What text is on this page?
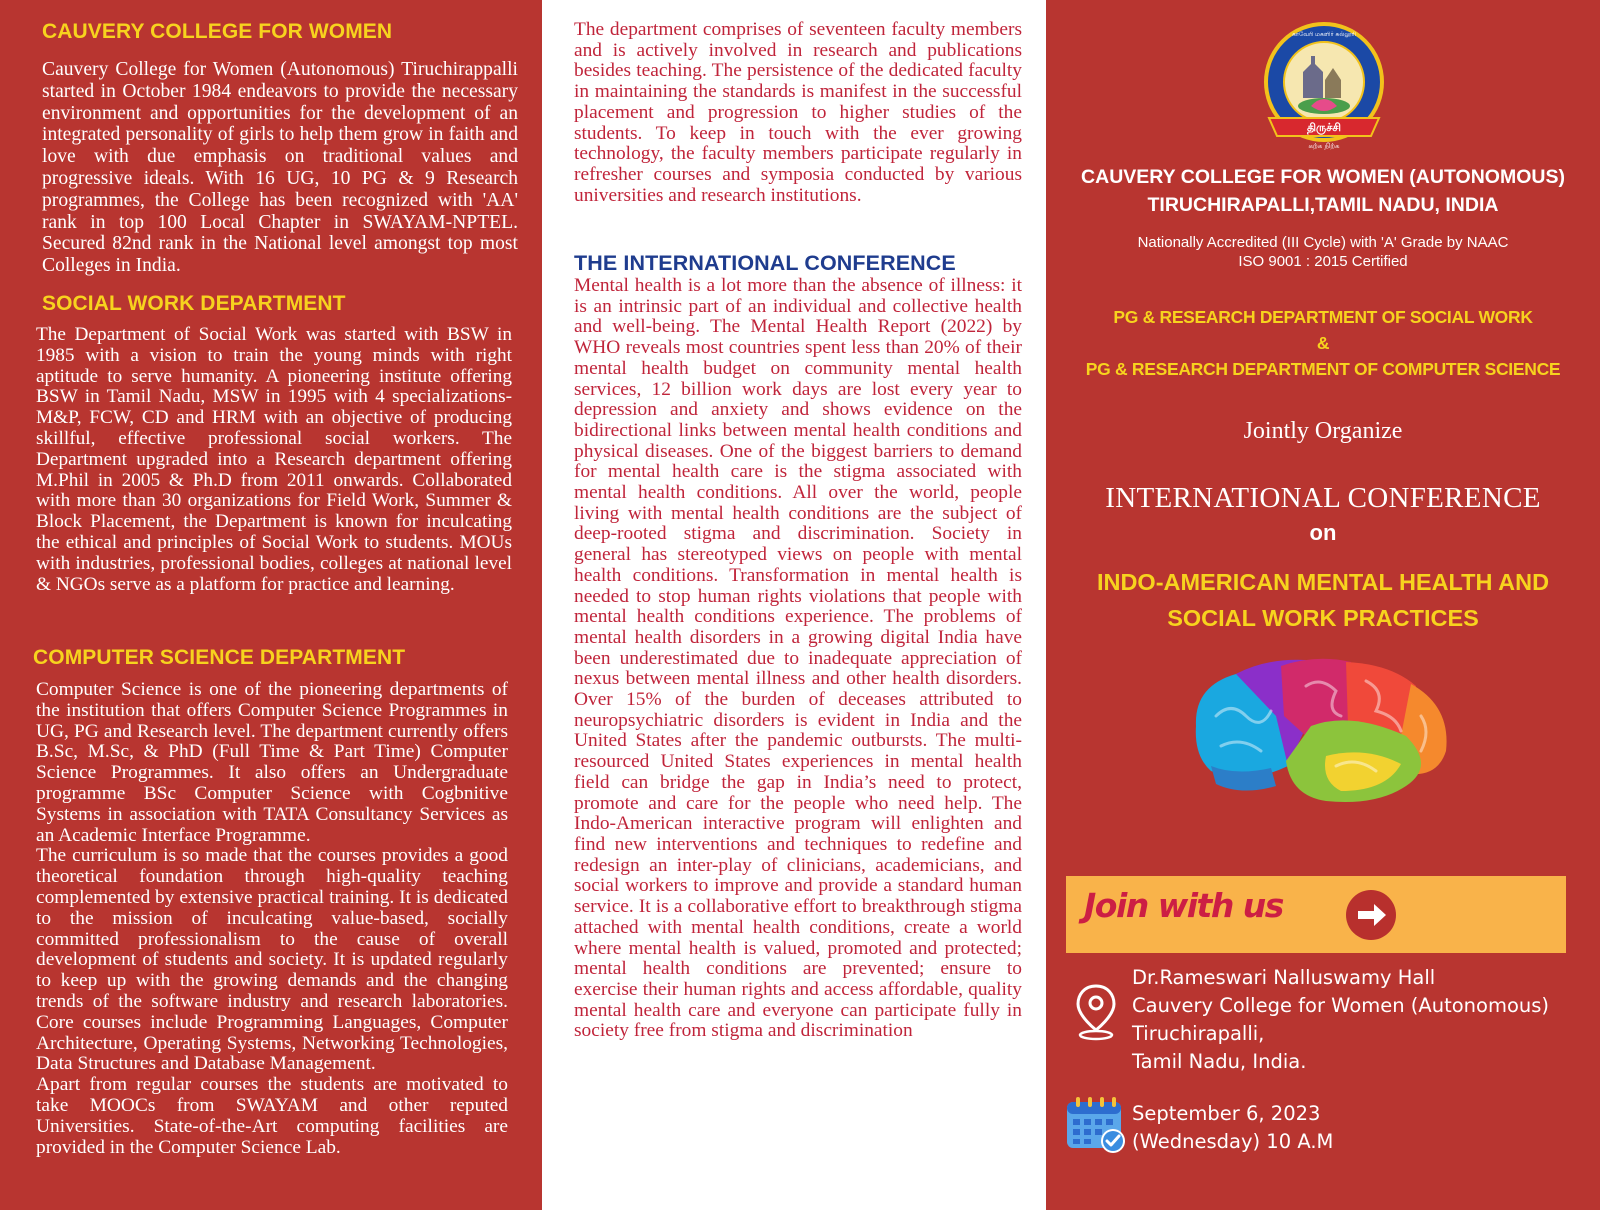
CAUVERY COLLEGE FOR WOMEN

Cauvery College for Women (Autonomous) Tiruchirappalli started in October 1984 endeavors to provide the necessary environment and opportunities for the development of an integrated personality of girls to help them grow in faith and love with due emphasis on traditional values and progressive ideals. With 16 UG, 10 PG & 9 Research programmes, the College has been recognized with 'AA' rank in top 100 Local Chapter in SWAYAM-NPTEL. Secured 82nd rank in the National level amongst top most Colleges in India.

SOCIAL WORK DEPARTMENT

The Department of Social Work was started with BSW in 1985 with a vision to train the young minds with right aptitude to serve humanity. A pioneering institute offering BSW in Tamil Nadu, MSW in 1995 with 4 specializations- M&P, FCW, CD and HRM with an objective of producing skillful, effective professional social workers. The Department upgraded into a Research department offering M.Phil in 2005 & Ph.D from 2011 onwards. Collaborated with more than 30 organizations for Field Work, Summer & Block Placement, the Department is known for inculcating the ethical and principles of Social Work to students. MOUs with industries, professional bodies, colleges at national level & NGOs serve as a platform for practice and learning.

COMPUTER SCIENCE DEPARTMENT

Computer Science is one of the pioneering departments of the institution that offers Computer Science Programmes in UG, PG and Research level. The department currently offers B.Sc, M.Sc, & PhD (Full Time & Part Time) Computer Science Programmes. It also offers an Undergraduate programme BSc Computer Science with Cogbnitive Systems in association with TATA Consultancy Services as an Academic Interface Programme.

The curriculum is so made that the courses provides a good theoretical foundation through high-quality teaching complemented by extensive practical training. It is dedicated to the mission of inculcating value-based, socially committed professionalism to the cause of overall development of students and society. It is updated regularly to keep up with the growing demands and the changing trends of the software industry and research laboratories. Core courses include Programming Languages, Computer Architecture, Operating Systems, Networking Technologies, Data Structures and Database Management.

Apart from regular courses the students are motivated to take MOOCs from SWAYAM and other reputed Universities. State-of-the-Art computing facilities are provided in the Computer Science Lab.

The department comprises of seventeen faculty members and is actively involved in research and publications besides teaching. The persistence of the dedicated faculty in maintaining the standards is manifest in the successful placement and progression to higher studies of the students. To keep in touch with the ever growing technology, the faculty members participate regularly in refresher courses and symposia conducted by various universities and research institutions.

THE INTERNATIONAL CONFERENCE

Mental health is a lot more than the absence of illness: it is an intrinsic part of an individual and collective health and well-being. The Mental Health Report (2022) by WHO reveals most countries spent less than 20% of their mental health budget on community mental health services, 12 billion work days are lost every year to depression and anxiety and shows evidence on the bidirectional links between mental health conditions and physical diseases. One of the biggest barriers to demand for mental health care is the stigma associated with mental health conditions. All over the world, people living with mental health conditions are the subject of deep-rooted stigma and discrimination. Society in general has stereotyped views on people with mental health conditions. Transformation in mental health is needed to stop human rights violations that people with mental health conditions experience. The problems of mental health disorders in a growing digital India have been underestimated due to inadequate appreciation of nexus between mental illness and other health disorders. Over 15% of the burden of deceases attributed to neuropsychiatric disorders is evident in India and the United States after the pandemic outbursts. The multi-resourced United States experiences in mental health field can bridge the gap in India’s need to protect, promote and care for the people who need help. The Indo-American interactive program will enlighten and find new interventions and techniques to redefine and redesign an inter-play of clinicians, academicians, and social workers to improve and provide a standard human service. It is a collaborative effort to breakthrough stigma attached with mental health conditions, create a world where mental health is valued, promoted and protected; mental health conditions are prevented; ensure to exercise their human rights and access affordable, quality mental health care and everyone can participate fully in society free from stigma and discrimination

திருச்சி
கற்க நிற்க
காவேரி மகளிர் கல்லூரி
CAUVERY COLLEGE FOR WOMEN (AUTONOMOUS)
TIRUCHIRAPALLI,TAMIL NADU, INDIA
Nationally Accredited (III Cycle) with 'A' Grade by NAAC
ISO 9001 : 2015 Certified
PG & RESEARCH DEPARTMENT OF SOCIAL WORK
&
PG & RESEARCH DEPARTMENT OF COMPUTER SCIENCE
Jointly Organize
INTERNATIONAL CONFERENCE
on
INDO-AMERICAN MENTAL HEALTH AND
SOCIAL WORK PRACTICES
Join with us
Dr.Rameswari Nalluswamy Hall
Cauvery College for Women (Autonomous)
Tiruchirapalli,
Tamil Nadu, India.
September 6, 2023
(Wednesday) 10 A.M
